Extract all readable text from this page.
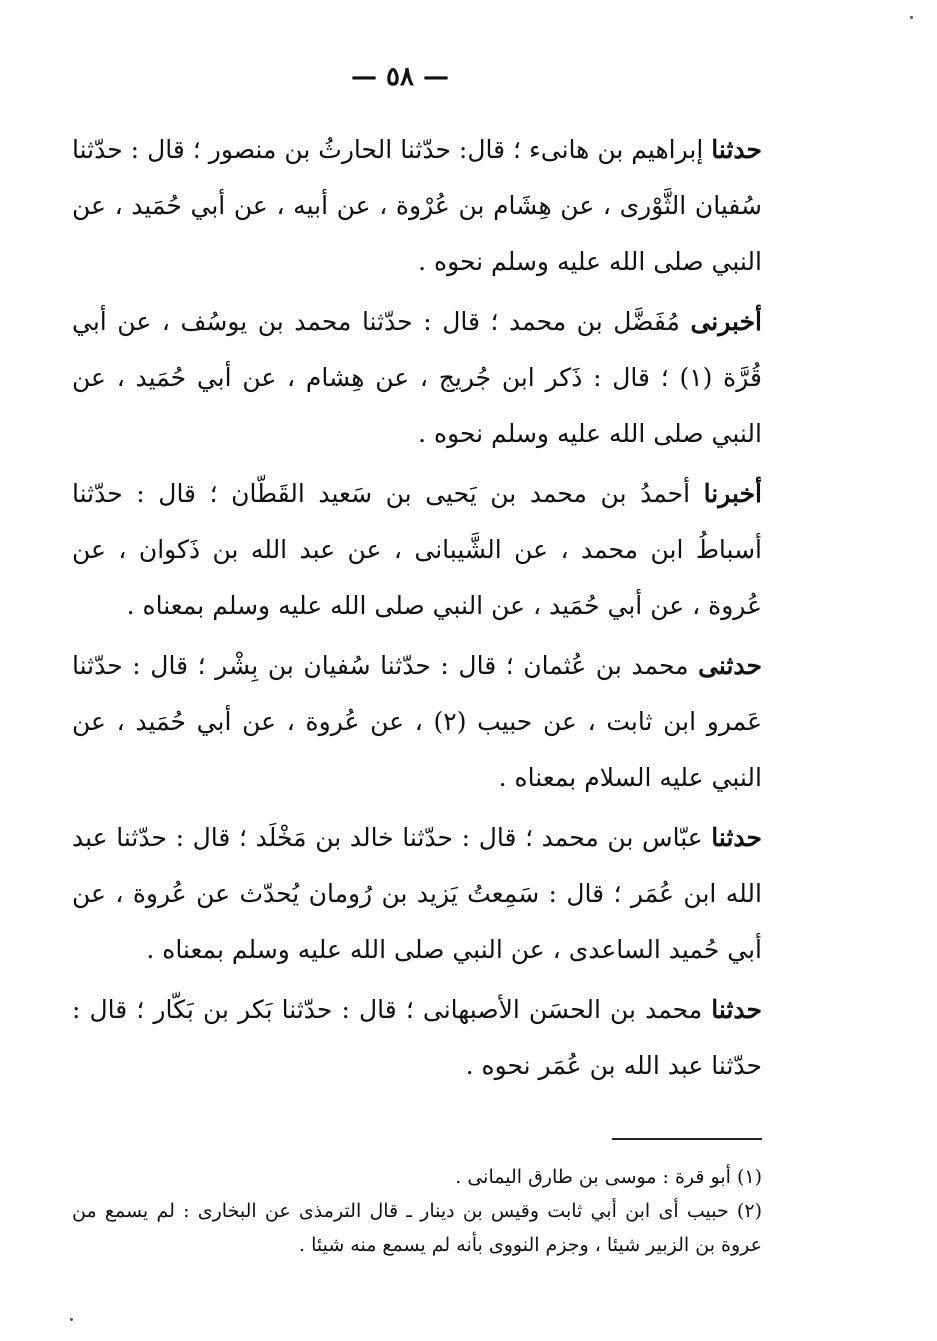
— ٥٨ —

حدثنا إبراهيم بن هانىء ؛ قال: حدّثنا الحارثُ بن منصور ؛ قال : حدّثنا سُفيان الثَّوْرى ، عن هِشَام بن عُرْوة ، عن أبيه ، عن أبي حُمَيد ، عن النبي صلى الله عليه وسلم نحوه .

أخبرنى مُفَضَّل بن محمد ؛ قال : حدّثنا محمد بن يوسُف ، عن أبي قُرَّة (١) ؛ قال : ذَكر ابن جُريج ، عن هِشام ، عن أبي حُمَيد ، عن النبي صلى الله عليه وسلم نحوه .

أخبرنا أحمدُ بن محمد بن يَحيى بن سَعيد القَطّان ؛ قال : حدّثنا أسباطُ ابن محمد ، عن الشَّيبانى ، عن عبد الله بن ذَكوان ، عن عُروة ، عن أبي حُمَيد ، عن النبي صلى الله عليه وسلم بمعناه .

حدثنى محمد بن عُثمان ؛ قال : حدّثنا سُفيان بن بِشْر ؛ قال : حدّثنا عَمرو ابن ثابت ، عن حبيب (٢) ، عن عُروة ، عن أبي حُمَيد ، عن النبي عليه السلام بمعناه .

حدثنا عبّاس بن محمد ؛ قال : حدّثنا خالد بن مَخْلَد ؛ قال : حدّثنا عبد الله ابن عُمَر ؛ قال : سَمِعتُ يَزيد بن رُومان يُحدّث عن عُروة ، عن أبي حُميد الساعدى ، عن النبي صلى الله عليه وسلم بمعناه .

حدثنا محمد بن الحسَن الأصبهانى ؛ قال : حدّثنا بَكر بن بَكّار ؛ قال : حدّثنا عبد الله بن عُمَر نحوه .

(١) أبو قرة : موسى بن طارق اليمانى .

(٢) حبيب أى ابن أبي ثابت وقيس بن دينار ـ قال الترمذى عن البخارى : لم يسمع من عروة بن الزبير شيئا ، وجزم النووى بأنه لم يسمع منه شيئا .
